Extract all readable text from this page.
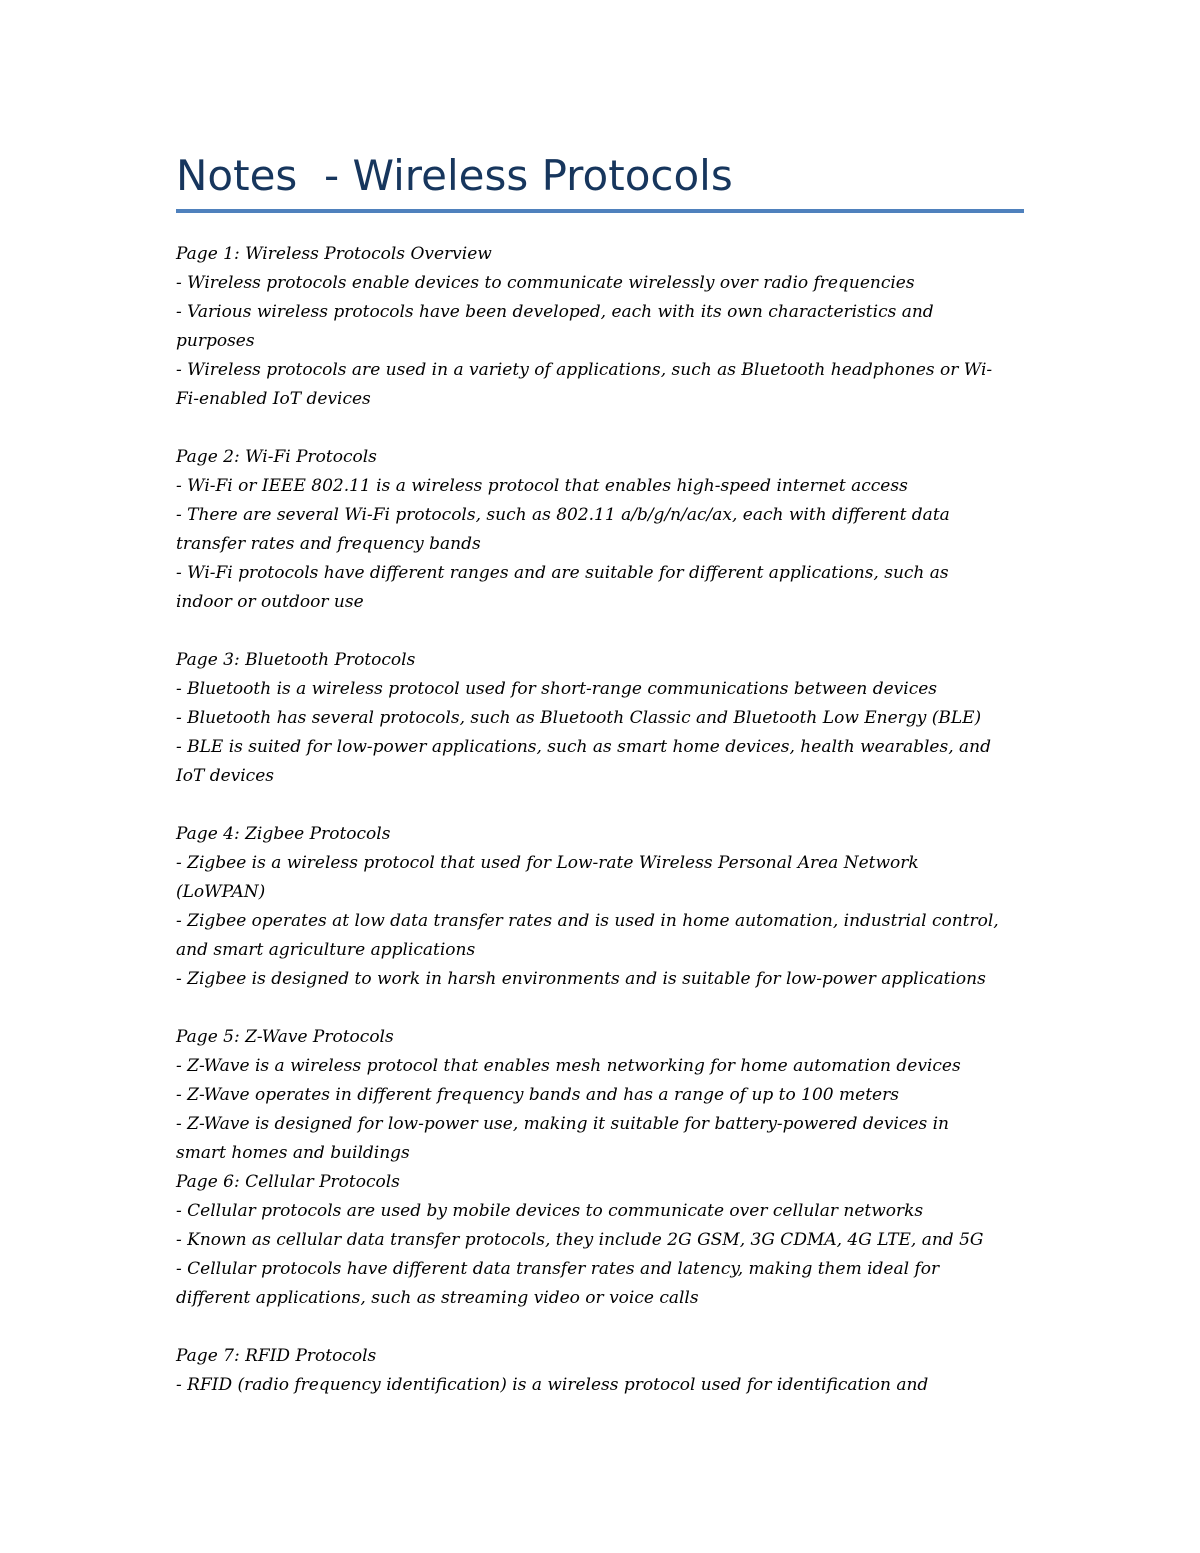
Notes  - Wireless Protocols
Page 1: Wireless Protocols Overview
- Wireless protocols enable devices to communicate wirelessly over radio frequencies
- Various wireless protocols have been developed, each with its own characteristics and
purposes
- Wireless protocols are used in a variety of applications, such as Bluetooth headphones or Wi-
Fi-enabled IoT devices
Page 2: Wi-Fi Protocols
- Wi-Fi or IEEE 802.11 is a wireless protocol that enables high-speed internet access
- There are several Wi-Fi protocols, such as 802.11 a/b/g/n/ac/ax, each with different data
transfer rates and frequency bands
- Wi-Fi protocols have different ranges and are suitable for different applications, such as
indoor or outdoor use
Page 3: Bluetooth Protocols
- Bluetooth is a wireless protocol used for short-range communications between devices
- Bluetooth has several protocols, such as Bluetooth Classic and Bluetooth Low Energy (BLE)
- BLE is suited for low-power applications, such as smart home devices, health wearables, and
IoT devices
Page 4: Zigbee Protocols
- Zigbee is a wireless protocol that used for Low-rate Wireless Personal Area Network
(LoWPAN)
- Zigbee operates at low data transfer rates and is used in home automation, industrial control,
and smart agriculture applications
- Zigbee is designed to work in harsh environments and is suitable for low-power applications
Page 5: Z-Wave Protocols
- Z-Wave is a wireless protocol that enables mesh networking for home automation devices
- Z-Wave operates in different frequency bands and has a range of up to 100 meters
- Z-Wave is designed for low-power use, making it suitable for battery-powered devices in
smart homes and buildings
Page 6: Cellular Protocols
- Cellular protocols are used by mobile devices to communicate over cellular networks
- Known as cellular data transfer protocols, they include 2G GSM, 3G CDMA, 4G LTE, and 5G
- Cellular protocols have different data transfer rates and latency, making them ideal for
different applications, such as streaming video or voice calls
Page 7: RFID Protocols
- RFID (radio frequency identification) is a wireless protocol used for identification and
